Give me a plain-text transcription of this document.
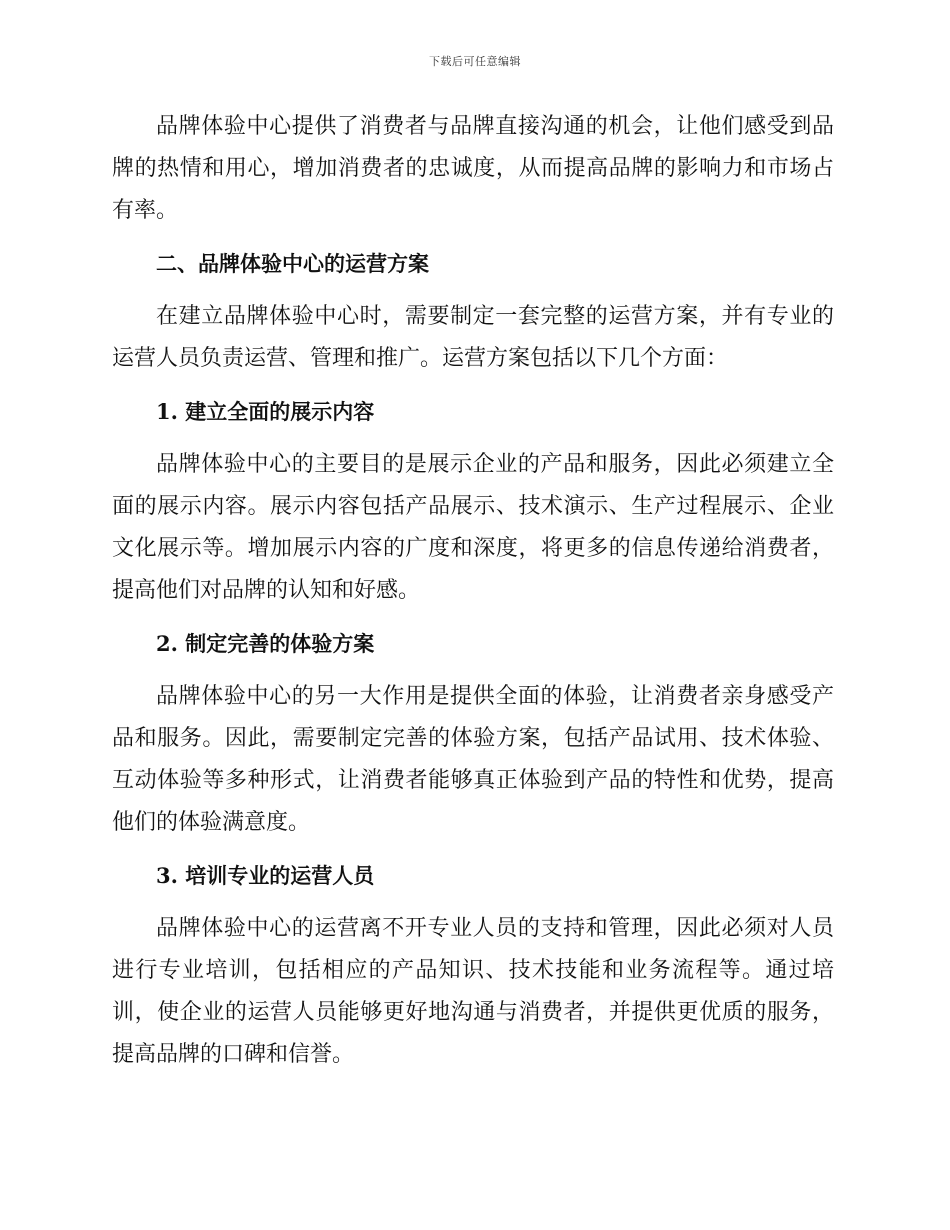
下载后可任意编辑

品牌体验中心提供了消费者与品牌直接沟通的机会，让他们感受到品牌的热情和用心，增加消费者的忠诚度，从而提高品牌的影响力和市场占有率。

二、品牌体验中心的运营方案

在建立品牌体验中心时，需要制定一套完整的运营方案，并有专业的运营人员负责运营、管理和推广。运营方案包括以下几个方面：

1. 建立全面的展示内容

品牌体验中心的主要目的是展示企业的产品和服务，因此必须建立全面的展示内容。展示内容包括产品展示、技术演示、生产过程展示、企业文化展示等。增加展示内容的广度和深度，将更多的信息传递给消费者，提高他们对品牌的认知和好感。

2. 制定完善的体验方案

品牌体验中心的另一大作用是提供全面的体验，让消费者亲身感受产品和服务。因此，需要制定完善的体验方案，包括产品试用、技术体验、互动体验等多种形式，让消费者能够真正体验到产品的特性和优势，提高他们的体验满意度。

3. 培训专业的运营人员

品牌体验中心的运营离不开专业人员的支持和管理，因此必须对人员进行专业培训，包括相应的产品知识、技术技能和业务流程等。通过培训，使企业的运营人员能够更好地沟通与消费者，并提供更优质的服务，提高品牌的口碑和信誉。
